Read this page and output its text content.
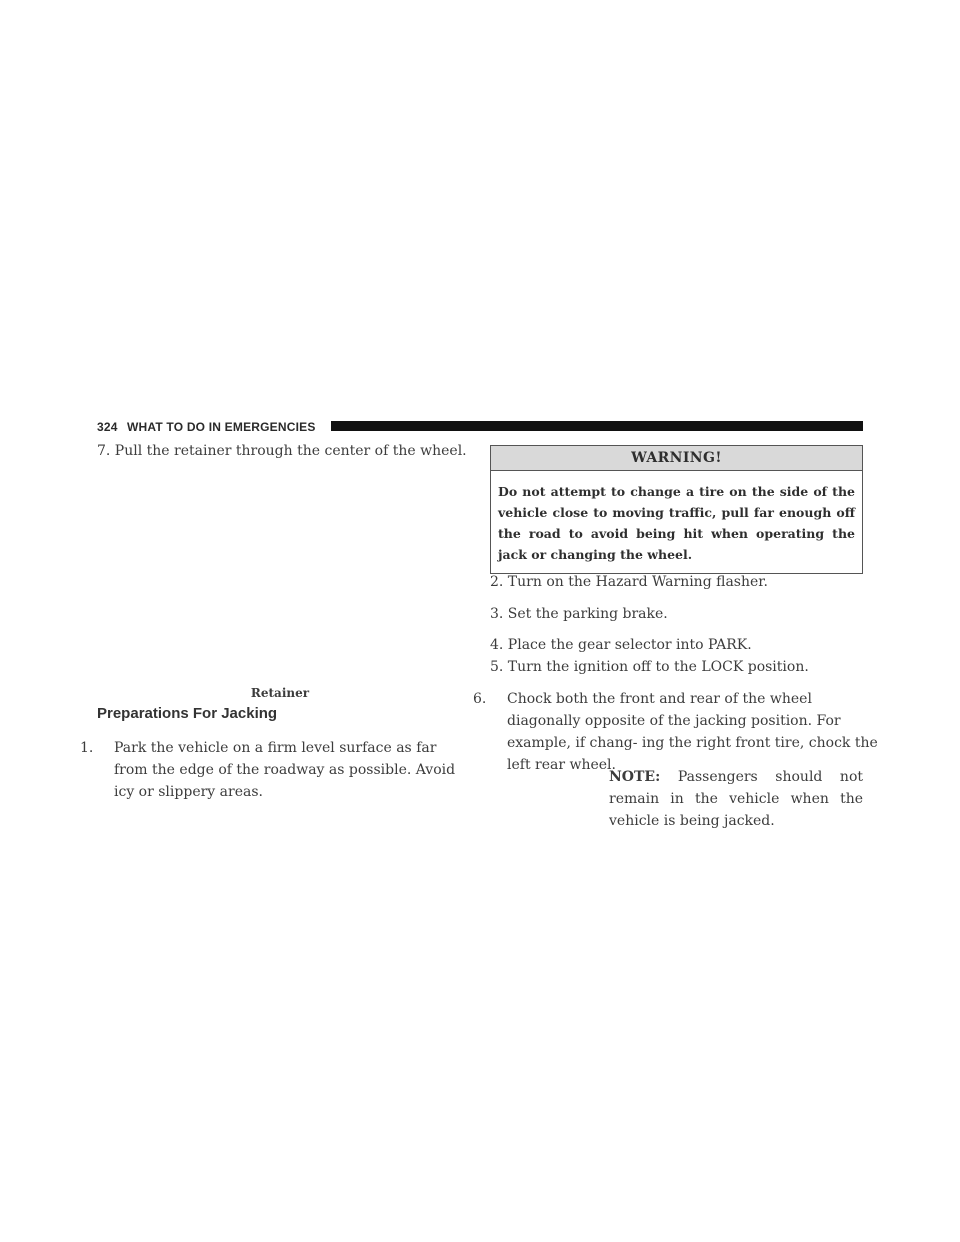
324 WHAT TO DO IN EMERGENCIES

7. Pull the retainer through the center of the wheel.

Retainer
Preparations For Jacking

1. Park the vehicle on a firm level surface as far from the edge of the roadway as possible. Avoid icy or slippery areas.

WARNING!
Do not attempt to change a tire on the side of the vehicle close to moving traffic, pull far enough off the road to avoid being hit when operating the jack or changing the wheel.

2. Turn on the Hazard Warning flasher.

3. Set the parking brake.

4. Place the gear selector into PARK.

5. Turn the ignition off to the LOCK position.

6. Chock both the front and rear of the wheel diagonally opposite of the jacking position. For example, if chang- ing the right front tire, chock the left rear wheel.

NOTE: Passengers should not remain in the vehicle when the vehicle is being jacked.
